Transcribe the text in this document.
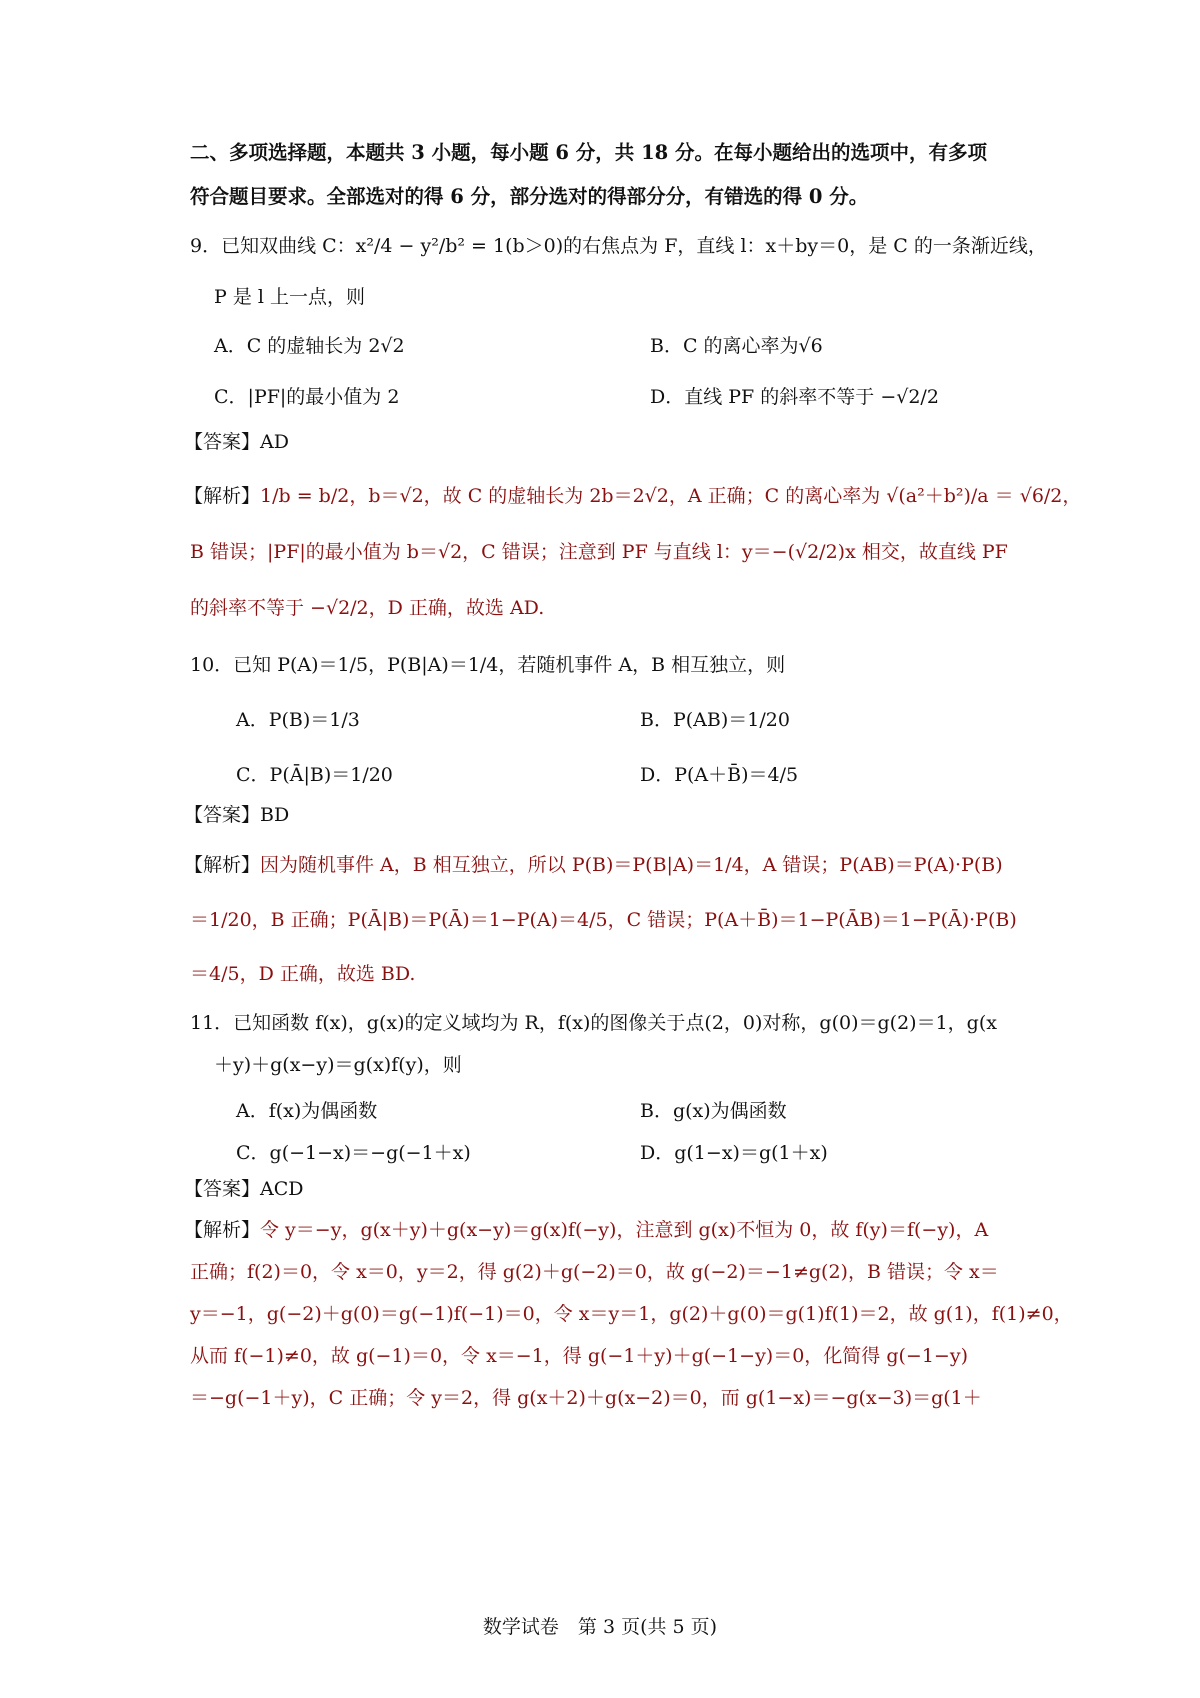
二、多项选择题，本题共 3 小题，每小题 6 分，共 18 分。在每小题给出的选项中，有多项
符合题目要求。全部选对的得 6 分，部分选对的得部分分，有错选的得 0 分。
9．已知双曲线 C：x²/4 − y²/b² = 1(b＞0)的右焦点为 F，直线 l：x＋by＝0，是 C 的一条渐近线，
P 是 l 上一点，则
A．C 的虚轴长为 2√2	B．C 的离心率为√6
C．|PF|的最小值为 2	D．直线 PF 的斜率不等于 −√2/2
【答案】AD
【解析】1/b = b/2，b＝√2，故 C 的虚轴长为 2b＝2√2，A 正确；C 的离心率为 √(a²＋b²)/a ＝ √6/2，
B 错误；|PF|的最小值为 b＝√2，C 错误；注意到 PF 与直线 l：y＝−(√2/2)x 相交，故直线 PF
的斜率不等于 −√2/2，D 正确，故选 AD.
10．已知 P(A)＝1/5，P(B|A)＝1/4，若随机事件 A，B 相互独立，则
A．P(B)＝1/3	B．P(AB)＝1/20
C．P(Ā|B)＝1/20	D．P(A＋B̄)＝4/5
【答案】BD
【解析】因为随机事件 A，B 相互独立，所以 P(B)＝P(B|A)＝1/4，A 错误；P(AB)＝P(A)·P(B)
＝1/20，B 正确；P(Ā|B)＝P(Ā)＝1−P(A)＝4/5，C 错误；P(A＋B̄)＝1−P(ĀB)＝1−P(Ā)·P(B)
＝4/5，D 正确，故选 BD.
11．已知函数 f(x)，g(x)的定义域均为 R，f(x)的图像关于点(2，0)对称，g(0)＝g(2)＝1，g(x
＋y)＋g(x−y)＝g(x)f(y)，则
A．f(x)为偶函数	B．g(x)为偶函数
C．g(−1−x)＝−g(−1＋x)	D．g(1−x)＝g(1＋x)
【答案】ACD
【解析】令 y＝−y，g(x＋y)＋g(x−y)＝g(x)f(−y)，注意到 g(x)不恒为 0，故 f(y)＝f(−y)，A
正确；f(2)＝0，令 x＝0，y＝2，得 g(2)＋g(−2)＝0，故 g(−2)＝−1≠g(2)，B 错误；令 x＝
y＝−1，g(−2)＋g(0)＝g(−1)f(−1)＝0，令 x＝y＝1，g(2)＋g(0)＝g(1)f(1)＝2，故 g(1)，f(1)≠0，
从而 f(−1)≠0，故 g(−1)＝0，令 x＝−1，得 g(−1＋y)＋g(−1−y)＝0，化简得 g(−1−y)
＝−g(−1＋y)，C 正确；令 y＝2，得 g(x＋2)＋g(x−2)＝0，而 g(1−x)＝−g(x−3)＝g(1＋
数学试卷　第 3 页(共 5 页)
